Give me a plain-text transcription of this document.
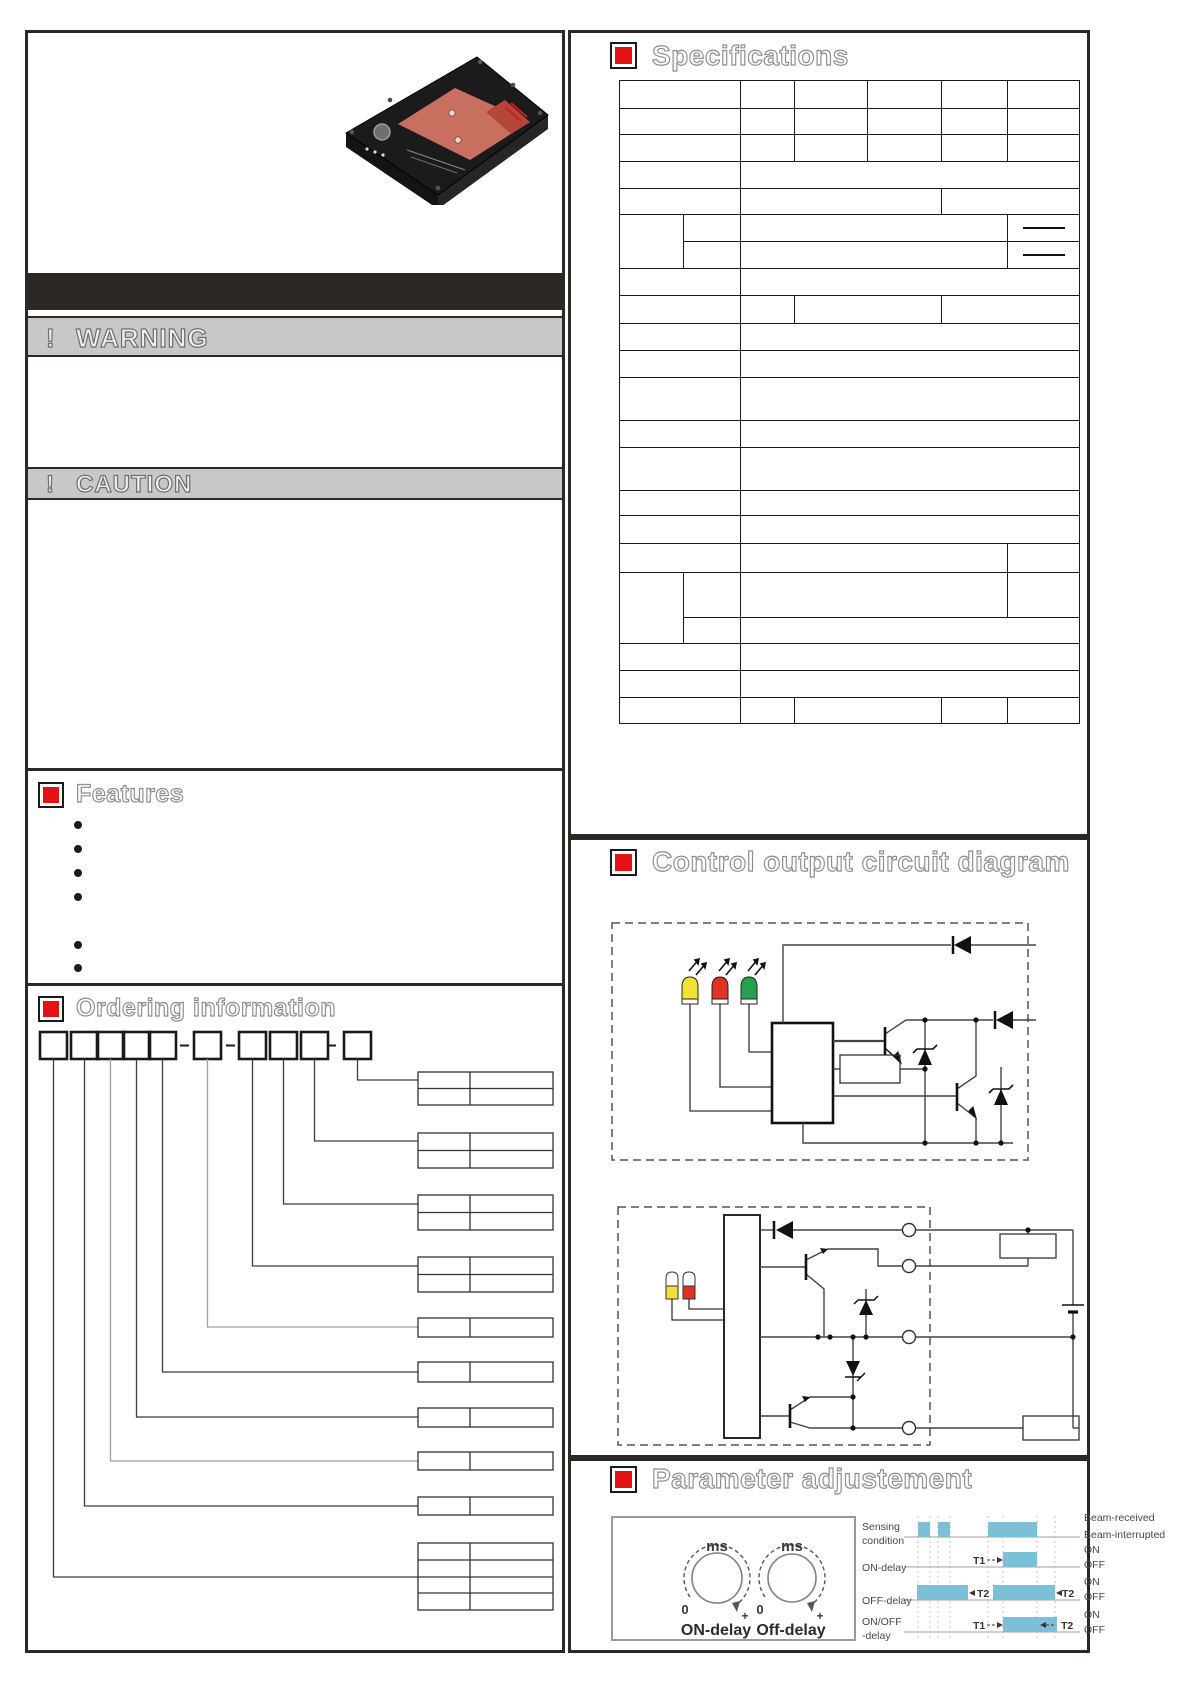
! WARNING
! CAUTION
Features
Ordering information
Specifications

Control output circuit diagram
Parameter adjustement
ms
0	+
ON-delay
ms
0	+
Off-delay
Sensing
condition
ON-delay
OFF-delay
ON/OFF
-delay
Beam-received
Beam-interrupted
ON
OFF
ON
OFF
ON
OFF
T1
T2	T2
T1	T2
